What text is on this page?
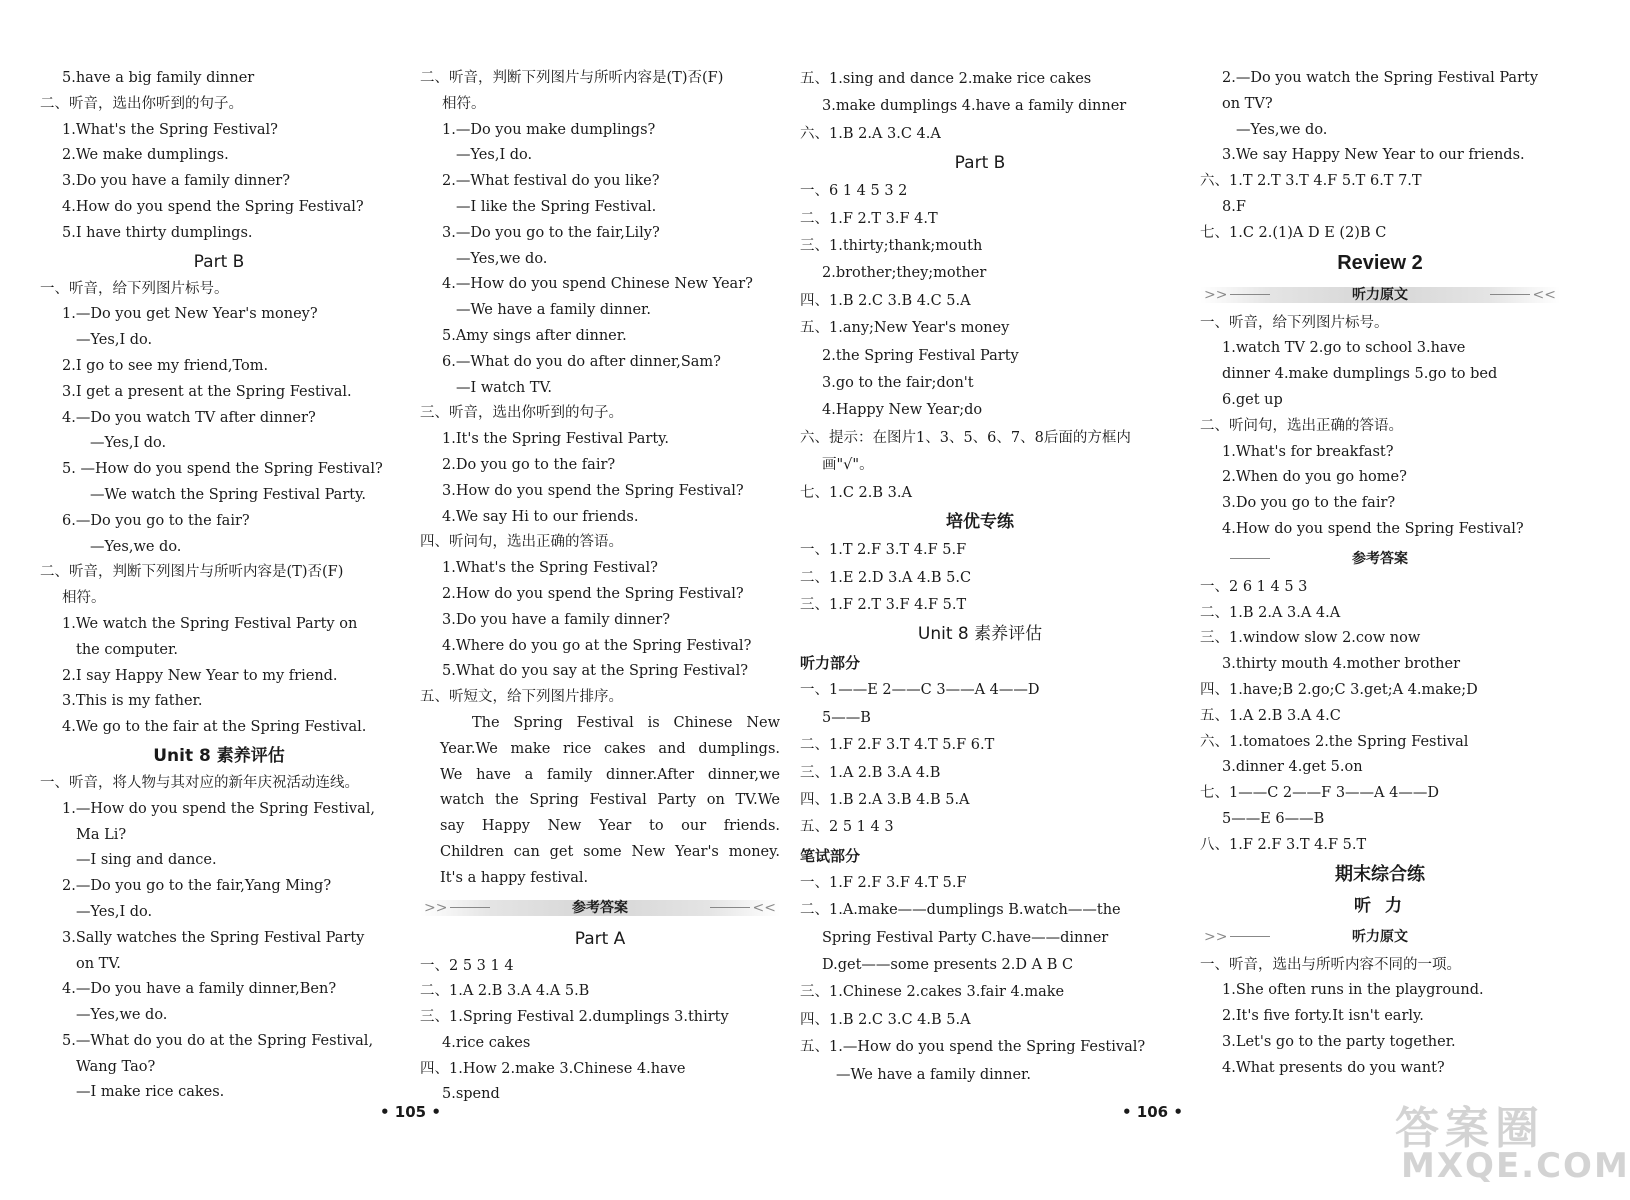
5.have a big family dinner
二、听音，选出你听到的句子。
1.What's the Spring Festival?
2.We make dumplings.
3.Do you have a family dinner?
4.How do you spend the Spring Festival?
5.I have thirty dumplings.
Part B
一、听音，给下列图片标号。
1.—Do you get New Year's money?
—Yes,I do.
2.I go to see my friend,Tom.
3.I get a present at the Spring Festival.
4.—Do you watch TV after dinner?
—Yes,I do.
5. —How do you spend the Spring Festival?
—We watch the Spring Festival Party.
6.—Do you go to the fair?
—Yes,we do.
二、听音，判断下列图片与所听内容是(T)否(F)
相符。
1.We watch the Spring Festival Party on
the computer.
2.I say Happy New Year to my friend.
3.This is my father.
4.We go to the fair at the Spring Festival.
Unit 8 素养评估
一、听音，将人物与其对应的新年庆祝活动连线。
1.—How do you spend the Spring Festival,
Ma Li?
—I sing and dance.
2.—Do you go to the fair,Yang Ming?
—Yes,I do.
3.Sally watches the Spring Festival Party
on TV.
4.—Do you have a family dinner,Ben?
—Yes,we do.
5.—What do you do at the Spring Festival,
Wang Tao?
—I make rice cakes.
二、听音，判断下列图片与所听内容是(T)否(F)
相符。
1.—Do you make dumplings?
—Yes,I do.
2.—What festival do you like?
—I like the Spring Festival.
3.—Do you go to the fair,Lily?
—Yes,we do.
4.—How do you spend Chinese New Year?
—We have a family dinner.
5.Amy sings after dinner.
6.—What do you do after dinner,Sam?
—I watch TV.
三、听音，选出你听到的句子。
1.It's the Spring Festival Party.
2.Do you go to the fair?
3.How do you spend the Spring Festival?
4.We say Hi to our friends.
四、听问句，选出正确的答语。
1.What's the Spring Festival?
2.How do you spend the Spring Festival?
3.Do you have a family dinner?
4.Where do you go at the Spring Festival?
5.What do you say at the Spring Festival?
五、听短文，给下列图片排序。
The Spring Festival is Chinese New
Year.We make rice cakes and dumplings.
We have a family dinner.After dinner,we
watch the Spring Festival Party on TV.We
say Happy New Year to our friends.
Children can get some New Year's money.
It's a happy festival.
>>	<<
参考答案
Part A
一、2 5 3 1 4
二、1.A 2.B 3.A 4.A 5.B
三、1.Spring Festival 2.dumplings 3.thirty
4.rice cakes
四、1.How 2.make 3.Chinese 4.have
5.spend
五、1.sing and dance 2.make rice cakes
3.make dumplings 4.have a family dinner
六、1.B 2.A 3.C 4.A
Part B
一、6 1 4 5 3 2
二、1.F 2.T 3.F 4.T
三、1.thirty;thank;mouth
2.brother;they;mother
四、1.B 2.C 3.B 4.C 5.A
五、1.any;New Year's money
2.the Spring Festival Party
3.go to the fair;don't
4.Happy New Year;do
六、提示：在图片1、3、5、6、7、8后面的方框内
画"√"。
七、1.C 2.B 3.A
培优专练
一、1.T 2.F 3.T 4.F 5.F
二、1.E 2.D 3.A 4.B 5.C
三、1.F 2.T 3.F 4.F 5.T
Unit 8 素养评估
听力部分
一、1——E 2——C 3——A 4——D
5——B
二、1.F 2.F 3.T 4.T 5.F 6.T
三、1.A 2.B 3.A 4.B
四、1.B 2.A 3.B 4.B 5.A
五、2 5 1 4 3
笔试部分
一、1.F 2.F 3.F 4.T 5.F
二、1.A.make——dumplings B.watch——the
Spring Festival Party C.have——dinner
D.get——some presents 2.D A B C
三、1.Chinese 2.cakes 3.fair 4.make
四、1.B 2.C 3.C 4.B 5.A
五、1.—How do you spend the Spring Festival?
—We have a family dinner.
2.—Do you watch the Spring Festival Party
on TV?
—Yes,we do.
3.We say Happy New Year to our friends.
六、1.T 2.T 3.T 4.F 5.T 6.T 7.T
8.F
七、1.C 2.(1)A D E (2)B C
Review 2
>>	<<
听力原文
一、听音，给下列图片标号。
1.watch TV 2.go to school 3.have
dinner 4.make dumplings 5.go to bed
6.get up
二、听问句，选出正确的答语。
1.What's for breakfast?
2.When do you go home?
3.Do you go to the fair?
4.How do you spend the Spring Festival?
参考答案
一、2 6 1 4 5 3
二、1.B 2.A 3.A 4.A
三、1.window slow 2.cow now
3.thirty mouth 4.mother brother
四、1.have;B 2.go;C 3.get;A 4.make;D
五、1.A 2.B 3.A 4.C
六、1.tomatoes 2.the Spring Festival
3.dinner 4.get 5.on
七、1——C 2——F 3——A 4——D
5——E 6——B
八、1.F 2.F 3.T 4.F 5.T
期末综合练
听 力
>>	听力原文
一、听音，选出与所听内容不同的一项。
1.She often runs in the playground.
2.It's five forty.It isn't early.
3.Let's go to the party together.
4.What presents do you want?
• 105 •	• 106 •	答案圈
MXQE.COM
